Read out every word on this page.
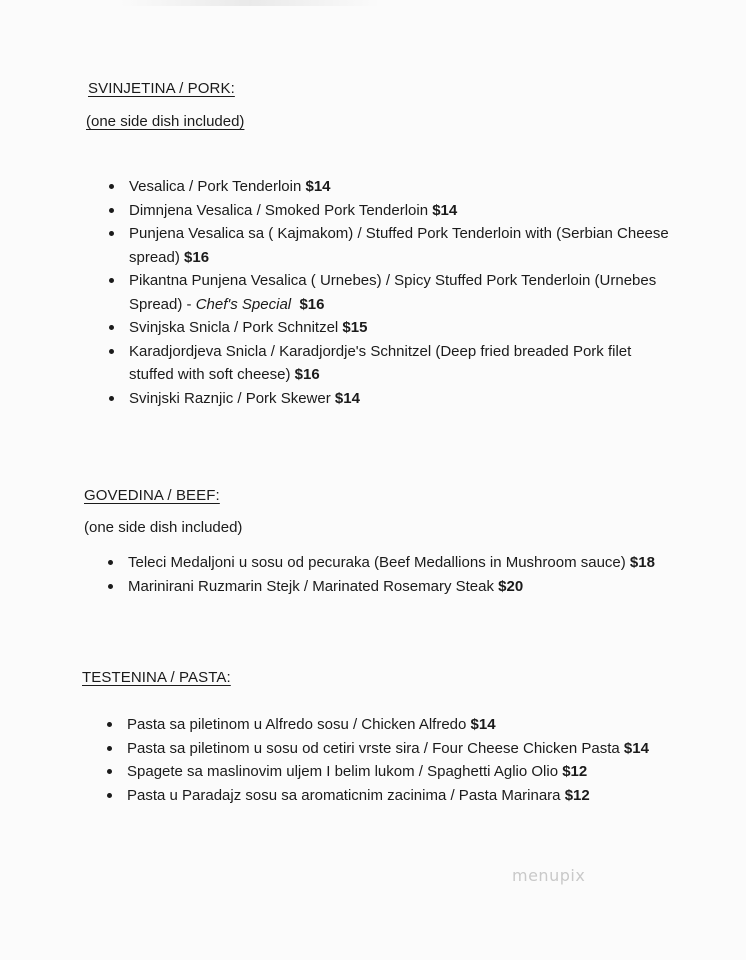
SVINJETINA / PORK:
(one side dish included)
Vesalica / Pork Tenderloin $14
Dimnjena Vesalica / Smoked Pork Tenderloin $14
Punjena Vesalica sa ( Kajmakom) / Stuffed Pork Tenderloin with (Serbian Cheese spread) $16
Pikantna Punjena Vesalica ( Urnebes) / Spicy Stuffed Pork Tenderloin (Urnebes Spread) - Chef's Special $16
Svinjska Snicla / Pork Schnitzel $15
Karadjordjeva Snicla / Karadjordje's Schnitzel (Deep fried breaded Pork filet stuffed with soft cheese) $16
Svinjski Raznjic / Pork Skewer $14
GOVEDINA / BEEF:
(one side dish included)
Teleci Medaljoni u sosu od pecuraka (Beef Medallions in Mushroom sauce) $18
Marinirani Ruzmarin Stejk / Marinated Rosemary Steak $20
TESTENINA / PASTA:
Pasta sa piletinom u Alfredo sosu / Chicken Alfredo $14
Pasta sa piletinom u sosu od cetiri vrste sira / Four Cheese Chicken Pasta $14
Spagete sa maslinovim uljem I belim lukom / Spaghetti Aglio Olio $12
Pasta u Paradajz sosu sa aromaticnim zacinima / Pasta Marinara $12
menupix
